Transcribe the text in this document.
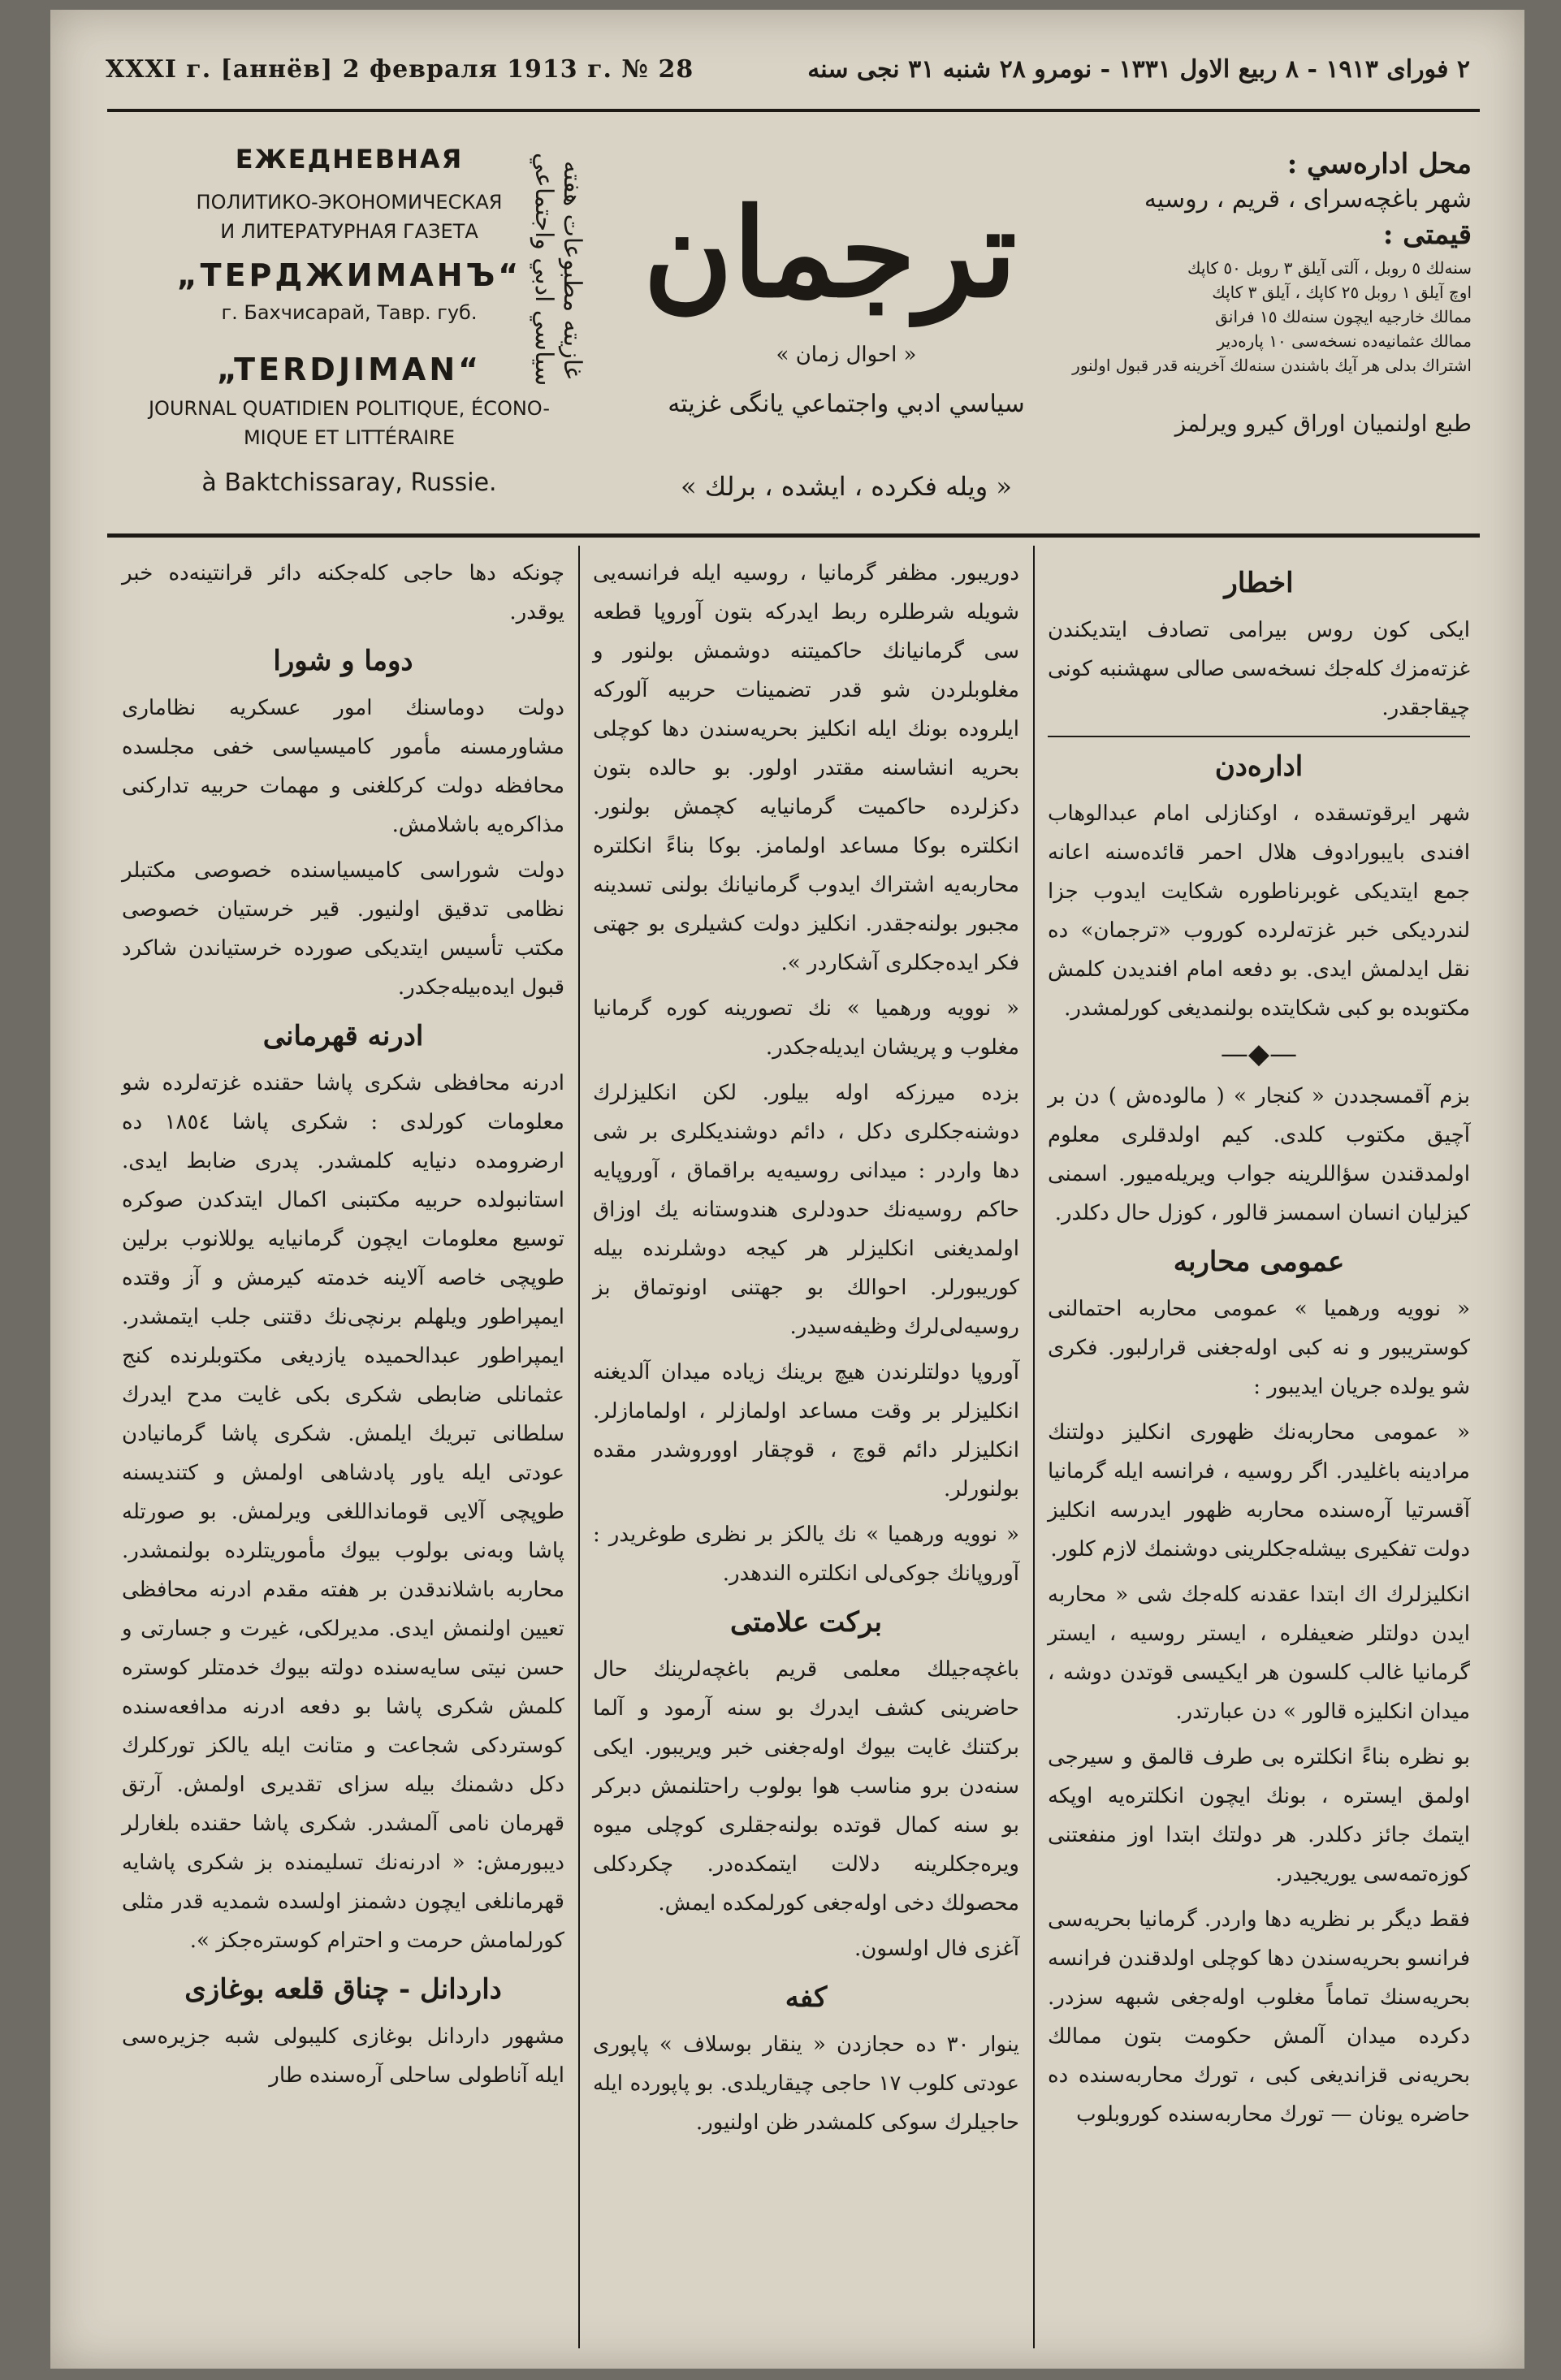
XXXI г. [аннёв] 2 февраля 1913 г. № 28	۲ فوراى ۱۹۱۳ - ۸ ربيع الاول ۱۳۳۱ - نومرو ۲۸ شنبه ۳۱ نجى سنه
ЕЖЕДНЕВНАЯ
ПОЛИТИКО-ЭКОНОМИЧЕСКАЯ
И ЛИТЕРАТУРНАЯ ГАЗЕТА
„ТЕРДЖИМАНЪ“
г. Бахчисарай, Тавр. губ.
„TERDJIMAN“
JOURNAL QUATIDIEN POLITIQUE, ÉCONO-
MIQUE ET LITTÉRAIRE
à Baktchissaray, Russie.
غازيته مطبوعات هفته سياسي ادبي واجتماعي ترجمان
« احوال زمان »
سياسي ادبي واجتماعي يانگى غزيته
« ويله فكرده ، ايشده ، برلك »
محل اداره‌سي :
شهر باغچه‌سراى ، قريم ، روسيه
قيمتى :
سنه‌لك ٥ روبل ، آلتى آيلق ۳ روبل ٥٠ كاپك
اوچ آيلق ۱ روبل ۲٥ كاپك ، آيلق ۳ كاپك
ممالك خارجيه ايچون سنه‌لك ۱٥ فرانق
ممالك عثمانيه‌ده نسخه‌سى ۱۰ پاره‌دير
اشتراك بدلى هر آيك باشندن سنه‌لك آخرينه قدر قبول اولنور
طبع اولنميان اوراق كيرو ويرلمز
اخطار

ايكى كون روس بيرامى تصادف ايتديكندن غزته‌مزك كله‌جك نسخه‌سى صالى سهشنبه كونى چيقاجقدر.

اداره‌دن

شهر ايرقوتسقده ، اوكنازلى امام عبدالوهاب افندى بايبورادوف هلال احمر قائده‌سنه اعانه جمع ايتديكى غوبرناطوره شكايت ايدوب جزا لندرديكى خبر غزته‌لرده كوروب «ترجمان» ده نقل ايدلمش ايدى. بو دفعه امام افنديدن كلمش مكتوبده بو كبى شكايتده بولنمديغى كورلمشدر.

—◆—

بزم آقمسجددن « كنجار » ( مالوده‌ش ) دن بر آچيق مكتوب كلدى. كيم اولدقلرى معلوم اولمدقندن سؤاللرينه جواب ويريله‌ميور. اسمنى كيزليان انسان اسمسز قالور ، كوزل حال دكلدر.

عمومى محاربه

« نوويه ورهميا » عمومى محاربه احتمالنى كوستريبور و نه كبى اوله‌جغنى قرارلبور. فكرى شو يولده جريان ايديبور :

« عمومى محاربه‌نك ظهورى انكليز دولتنك مراد‌ينه باغليدر. اگر روسيه ، فرانسه ايله گرمانيا آقسرتيا آره‌سنده محاربه ظهور ايدرسه انكليز دولت تفكيرى بيشله‌جكلرينى دوشنمك لازم كلور.

انكليزلرك اك ابتدا عقدنه كله‌جك شى « محاربه ايدن دولتلر ضعيفلره ، ايستر روسيه ، ايستر گرمانيا غالب كلسون هر ايكيسى قوتدن دوشه ، ميدان انكليزه قالور » دن عبارتدر.

بو نظره بناءً انكلتره بى طرف قالمق و سيرجى اولمق ايستره ، بونك ايچون انكلتره‌يه اوپكه ايتمك جائز دكلدر. هر دولتك ابتدا اوز منفعتنى كوزه‌تمه‌سى يوريجيدر.

فقط ديگر بر نظريه دها واردر. گرمانيا بحريه‌سى فرانسو بحريه‌سندن دها كوچلى اولدقندن فرانسه بحريه‌سنك تماماً مغلوب اوله‌جغى شبهه سزدر. دكرده ميدان آلمش حكومت بتون ممالك بحريه‌نى قزانديغى كبى ، تورك محاربه‌سنده ده حاضره يونان — تورك محاربه‌سنده كوروبلوب

دوريبور. مظفر گرمانيا ، روسيه ايله فرانسه‌يى شويله شرطلره ربط ايدركه بتون آوروپا قطعه سى گرمانيانك حاكميتنه دوشمش بولنور و مغلوبلردن شو قدر تضمينات حربيه آلوركه ايلروده بونك ايله انكليز بحريه‌سندن دها كوچلى بحريه انشاسنه مقتدر اولور. بو حالده بتون دكزلرده حاكميت گرمانيايه كچمش بولنور. انكلتره بوكا مساعد اولمامز. بوكا بناءً انكلتره محاربه‌يه اشتراك ايدوب گرمانيانك بولنى تسدينه مجبور بولنه‌جقدر. انكليز دولت كشيلرى بو جهتى فكر ايده‌جكلرى آشكاردر ».

« نوويه ورهميا » نك تصورينه كوره گرمانيا مغلوب و پريشان ايديله‌جكدر.

بزده ميرزكه اوله بيلور. لكن انكليزلرك دوشنه‌جكلرى دكل ، دائم دوشنديكلرى بر شى دها واردر : ميدانى روسيه‌يه براقماق ، آوروپايه حاكم روسيه‌نك حدودلرى هندوستانه يك اوزاق اولمديغنى انكليزلر هر كيجه دوشلرنده بيله كوريبورلر. احوالك بو جهتنى اونوتماق بز روسيه‌لى‌لرك وظيفه‌سيدر.

آوروپا دولتلرندن هيچ برينك زياده ميدان آلديغنه انكليزلر بر وقت مساعد اولمازلر ، اولمامازلر. انكليزلر دائم قوچ ، قوچقار اووروشدر مقده بولنورلر.

« نوويه ورهميا » نك يالكز بر نظرى طوغريدر : آوروپانك جوكى‌لى انكلتره الندهدر.

بركت علامتى

باغچه‌جيلك معلمى قريم باغچه‌لرينك حال حاضرينى كشف ايدرك بو سنه آرمود و آلما بركتنك غايت بيوك اوله‌جغنى خبر ويريبور. ايكى سنه‌دن برو مناسب هوا بولوب راحتلنمش دبركر بو سنه كمال قوتده بولنه‌جقلرى كوچلى ميوه ويره‌جكلرينه دلالت ايتمكده‌در. چكردكلى محصولك دخى اوله‌جغى كورلمكده ايمش.

آغزى فال اولسون.

كفه

ينوار ۳۰ ده حجازدن « ينقار بوسلاف » پاپورى عودتى كلوب ۱۷ حاجى چيقاريلدى. بو پاپورده ايله حاجيلرك سوكى كلمشدر ظن اولنيور.

چونكه دها حاجى كله‌جكنه دائر قرانتينه‌ده خبر يوقدر.

دوما و شورا

دولت دوماسنك امور عسكريه نظامارى مشاورمسنه مأمور كاميسياسى خفى مجلسده محافظه دولت كركلغنى و مهمات حربيه تداركنى مذاكره‌يه باشلامش.

دولت شوراسى كاميسياسنده خصوصى مكتبلر نظامى تدقيق اولنيور. قير خرستيان خصوصى مكتب تأسيس ايتديكى صورده خرستياندن شاكرد قبول ايده‌بيله‌جكدر.

ادرنه قهرمانى

ادرنه محافظى شكرى پاشا حقنده غزته‌لرده شو معلومات كورلدى : شكرى پاشا ۱۸٥٤ ده ارضرومده دنيايه كلمشدر. پدرى ضابط ايدى. استانبولده حربيه مكتبنى اكمال ايتدكدن صوكره توسيع معلومات ايچون گرمانيايه يوللانوب برلين طوپچى خاصه آلاينه خدمته كيرمش و آز وقتده ايمپراطور ويلهلم برنچى‌نك دقتنى جلب ايتمشدر. ايمپراطور عبدالحميده يازديغى مكتوبلرنده كنج عثمانلى ضابطى شكرى بكى غايت مدح ايدرك سلطانى تبريك ايلمش. شكرى پاشا گرمانيادن عودتى ايله ياور پادشاهى اولمش و كتنديسنه طوپچى آلايى قومانداللغى ويرلمش. بو صورتله پاشا وبه‌نى بولوب بيوك مأموريتلرده بولنمشدر. محاربه باشلاندقدن بر هفته مقدم ادرنه محافظى تعيين اولنمش ايدى. مديرلكى، غيرت و جسارتى و حسن نيتى سايه‌سنده دولته بيوك خدمتلر كوستره كلمش شكرى پاشا بو دفعه ادرنه مدافعه‌سنده كوستردكى شجاعت و متانت ايله يالكز توركلرك دكل دشمنك بيله سزاى تقديرى اولمش. آرتق قهرمان نامى آلمشدر. شكرى پاشا حقنده بلغارلر ديبورمش: « ادرنه‌نك تسليمنده بز شكرى پاشايه قهرمانلغى ايچون دشمنز اولسده شمديه قدر مثلى كورلمامش حرمت و احترام كوستره‌جكز ».

داردانل - چناق قلعه بوغازى

مشهور داردانل بوغازى كليبولى شبه جزيره‌سى ايله آناطولى ساحلى آره‌سنده طار
